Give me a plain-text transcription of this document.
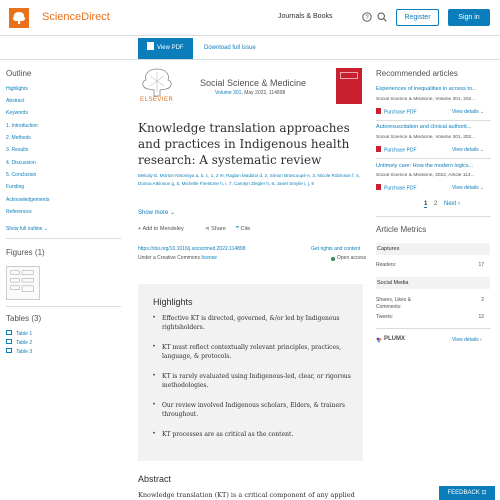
ScienceDirect	Journals & Books	?	Register	Sign in
View PDF	Download full issue
Outline
Highlights
Abstract
Keywords
1. Introduction
2. Methods
3. Results
4. Discussion
5. Conclusion
Funding
Acknowledgements
References
Show full outline ⌄
Figures (1)
Tables (3)
Table 1
Table 2
Table 3
ELSEVIER
Social Science & Medicine
Volume 301, May 2022, 114898
Knowledge translation approaches and practices in Indigenous health research: A systematic review
Melody E. Morton Ninomiya a, b, c, 1, 2 ✉, Raglan Maddox d, 2, Simon Brascoupé e, 3, Nicole Robinson f, 4, Donna Atkinson g, 5, Michelle Firestone h, i, 7, Carolyn Ziegler h, 8, Janet Smylie i, j, 9
Show more ⌄
+ Add to Mendeley	⋖ Share ❞ Cite
https://doi.org/10.1016/j.socscimed.2022.114898
Under a Creative Commons license
Get rights and content
Open access
Highlights
• Effective KT is directed, governed, &/or led by Indigenous rightsholders.
• KT must reflect contextually relevant principles, practices, language, & protocols.
• KT is rarely evaluated using Indigenous-led, clear, or rigorous methodologies.
• Our review involved Indigenous scholars, Elders, & trainers throughout.
• KT processes are as critical as the content.
Abstract
Knowledge translation (KT) is a critical component of any applied
Recommended articles
Experiences of inequalities in access to...
Social Science & Medicine, Volume 301, 202...
Purchase PDF	View details ⌄
Autoresuscitation and clinical authorit...
Social Science & Medicine, Volume 301, 202...
Purchase PDF	View details ⌄
Untimely care: How the modern logics...
Social Science & Medicine, 2022, Article 114...
Purchase PDF	View details ⌄
1 2 Next ›
Article Metrics
Captures
Readers:	17
Social Media
Shares, Likes & Comments:
2
Tweets:	12
PLUMX	View details ›
FEEDBACK ⊡
